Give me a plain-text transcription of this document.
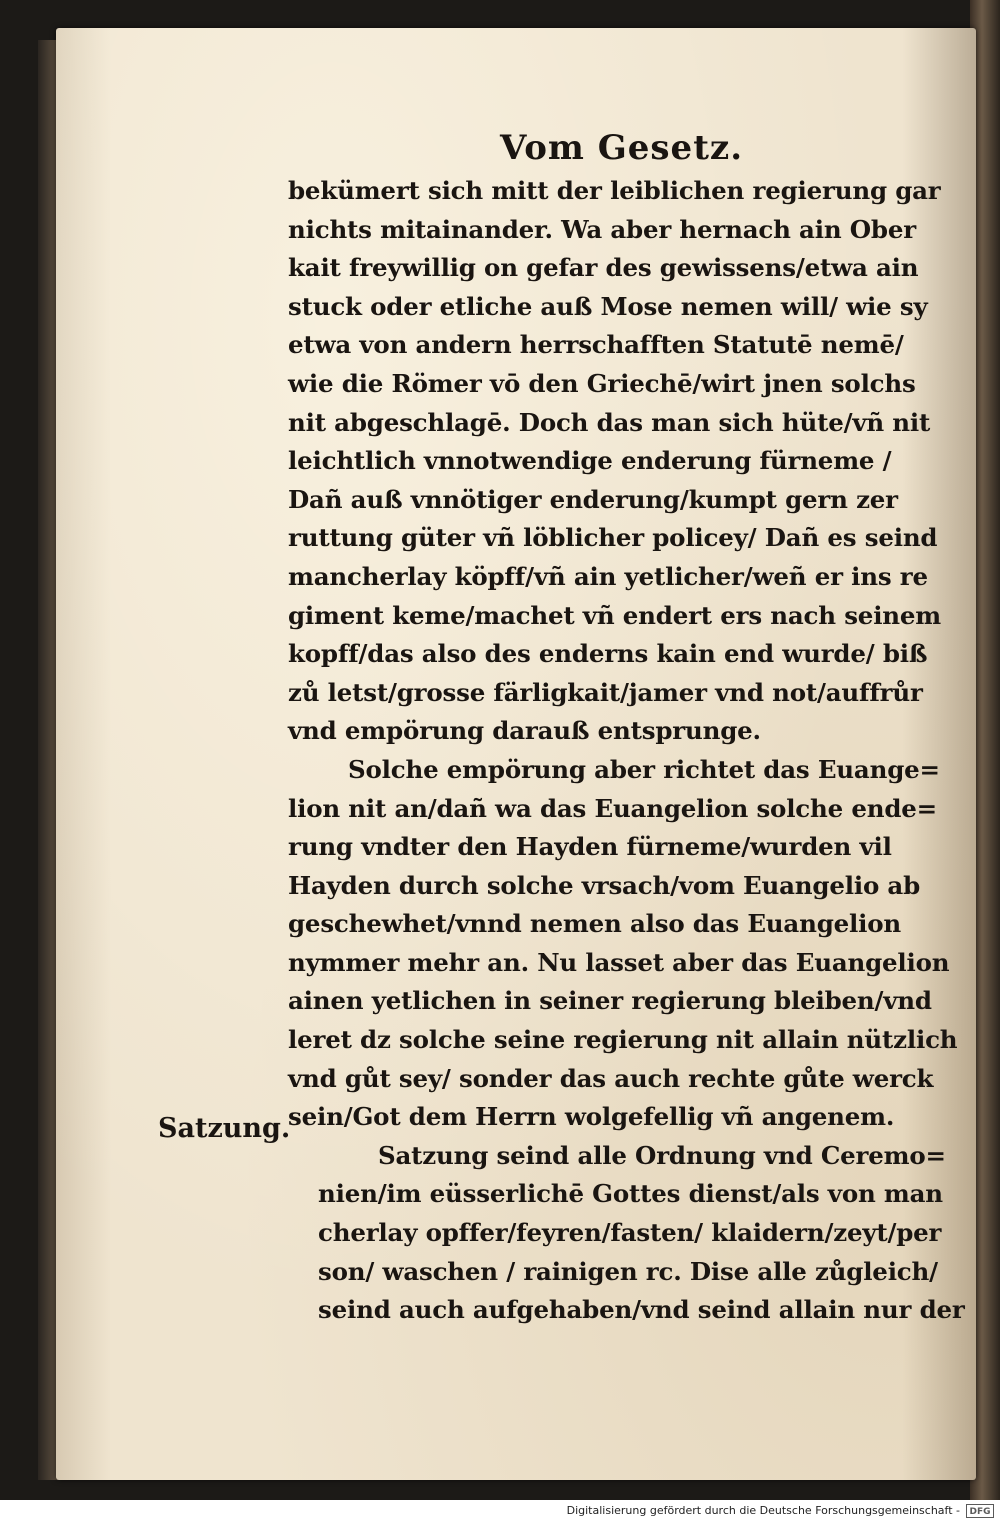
Vom Gesetz.
Satzung.
bekümert sich mitt der leiblichen regierung gar
nichts mitainander. Wa aber hernach ain Ober
kait freywillig on gefar des gewissens/etwa ain
stuck oder etliche auß Mose nemen will/ wie sy
etwa von andern herrschafften Statutē nemē/
wie die Römer vō den Griechē/wirt jnen solchs
nit abgeschlagē. Doch das man sich hüte/vñ nit
leichtlich vnnotwendige enderung fürneme /
Dañ auß vnnötiger enderung/kumpt gern zer
ruttung güter vñ löblicher policey/ Dañ es seind
mancherlay köpff/vñ ain yetlicher/weñ er ins re
giment keme/machet vñ endert ers nach seinem
kopff/das also des enderns kain end wurde/ biß
zů letst/grosse färligkait/jamer vnd not/auffrůr
vnd empörung darauß entsprunge.
Solche empörung aber richtet das Euange=
lion nit an/dañ wa das Euangelion solche ende=
rung vndter den Hayden fürneme/wurden vil
Hayden durch solche vrsach/vom Euangelio ab
geschewhet/vnnd nemen also das Euangelion
nymmer mehr an. Nu lasset aber das Euangelion
ainen yetlichen in seiner regierung bleiben/vnd
leret dz solche seine regierung nit allain nützlich
vnd gůt sey/ sonder das auch rechte gůte werck
sein/Got dem Herrn wolgefellig vñ angenem.
Satzung seind alle Ordnung vnd Ceremo=
nien/im eüsserlichē Gottes dienst/als von man
cherlay opffer/feyren/fasten/ klaidern/zeyt/per
son/ waschen / rainigen rc. Dise alle zůgleich/
seind auch aufgehaben/vnd seind allain nur der
Digitalisierung gefördert durch die Deutsche Forschungsgemeinschaft -	DFG
